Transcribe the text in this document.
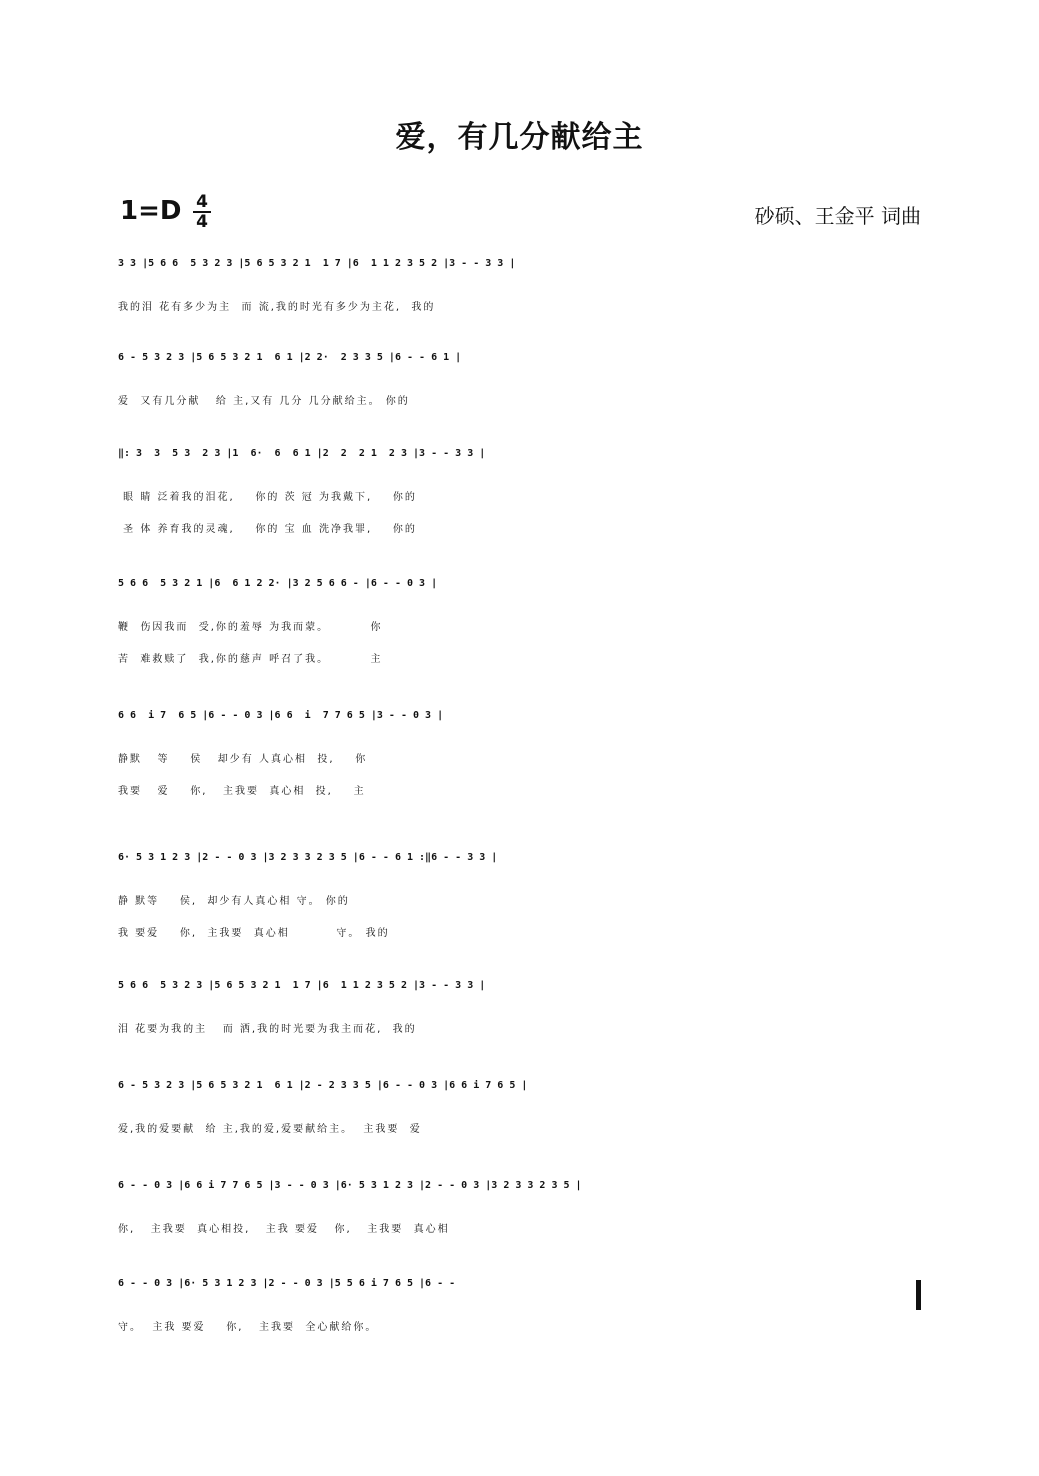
爱，有几分献给主
1=D 4
4	砂硕、王金平 词曲
3 3 |5 6 6  5 3 2 3 |5 6 5 3 2 1  1 7 |6  1 1 2 3 5 2 |3 - - 3 3 |
我的泪 花有多少为主  而 流,我的时光有多少为主花,  我的
6 - 5 3 2 3 |5 6 5 3 2 1  6 1 |2 2·  2 3 3 5 |6 - - 6 1 |
爱  又有几分献   给 主,又有 几分 几分献给主。 你的
‖: 3  3  5 3  2 3 |1  6·  6  6 1 |2  2  2 1  2 3 |3 - - 3 3 |
眼 睛 泛着我的泪花,    你的 茨 冠 为我戴下,    你的
圣 体 养育我的灵魂,    你的 宝 血 洗净我罪,    你的
5 6 6  5 3 2 1 |6  6 1 2 2· |3 2 5 6 6 - |6 - - 0 3 |
鞭  伤因我而  受,你的羞辱 为我而蒙。        你
苦  难救赎了  我,你的慈声 呼召了我。        主
6 6  i 7  6 5 |6 - - 0 3 |6 6  i  7 7 6 5 |3 - - 0 3 |
静默   等    侯   却少有 人真心相  投,    你
我要   爱    你,   主我要  真心相  投,    主
6· 5 3 1 2 3 |2 - - 0 3 |3 2 3 3 2 3 5 |6 - - 6 1 :‖6 - - 3 3 |
静 默等    侯,  却少有人真心相 守。 你的
我 要爱    你,  主我要  真心相         守。 我的
5 6 6  5 3 2 3 |5 6 5 3 2 1  1 7 |6  1 1 2 3 5 2 |3 - - 3 3 |
泪 花要为我的主   而 洒,我的时光要为我主而花,  我的
6 - 5 3 2 3 |5 6 5 3 2 1  6 1 |2 - 2 3 3 5 |6 - - 0 3 |6 6 i 7 6 5 |
爱,我的爱要献  给 主,我的爱,爱要献给主。  主我要  爱
6 - - 0 3 |6 6 i 7 7 6 5 |3 - - 0 3 |6· 5 3 1 2 3 |2 - - 0 3 |3 2 3 3 2 3 5 |
你,   主我要  真心相投,   主我 要爱   你,   主我要  真心相
6 - - 0 3 |6· 5 3 1 2 3 |2 - - 0 3 |5 5 6 i 7 6 5 |6 - -
守。  主我 要爱    你,   主我要  全心献给你。
